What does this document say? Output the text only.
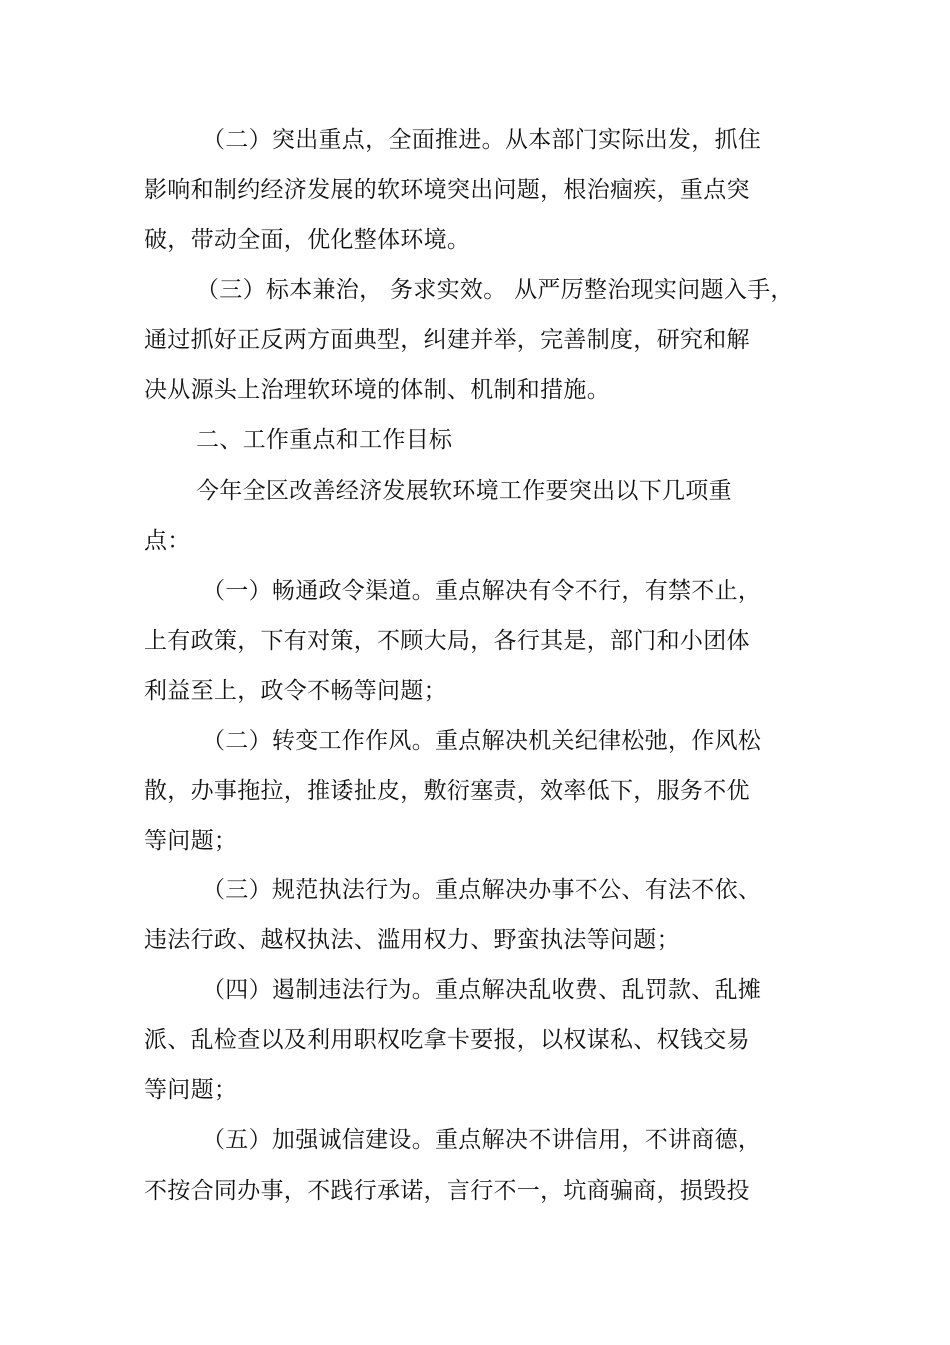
（二）突出重点，全面推进。从本部门实际出发，抓住
影响和制约经济发展的软环境突出问题，根治痼疾，重点突
破，带动全面，优化整体环境。
（三）标本兼治， 务求实效。 从严厉整治现实问题入手，
通过抓好正反两方面典型，纠建并举，完善制度，研究和解
决从源头上治理软环境的体制、机制和措施。
二、工作重点和工作目标
今年全区改善经济发展软环境工作要突出以下几项重
点：
（一）畅通政令渠道。重点解决有令不行，有禁不止，
上有政策，下有对策，不顾大局，各行其是，部门和小团体
利益至上，政令不畅等问题；
（二）转变工作作风。重点解决机关纪律松弛，作风松
散，办事拖拉，推诿扯皮，敷衍塞责，效率低下，服务不优
等问题；
（三）规范执法行为。重点解决办事不公、有法不依、
违法行政、越权执法、滥用权力、野蛮执法等问题；
（四）遏制违法行为。重点解决乱收费、乱罚款、乱摊
派、乱检查以及利用职权吃拿卡要报，以权谋私、权钱交易
等问题；
（五）加强诚信建设。重点解决不讲信用，不讲商德，
不按合同办事，不践行承诺，言行不一，坑商骗商，损毁投
